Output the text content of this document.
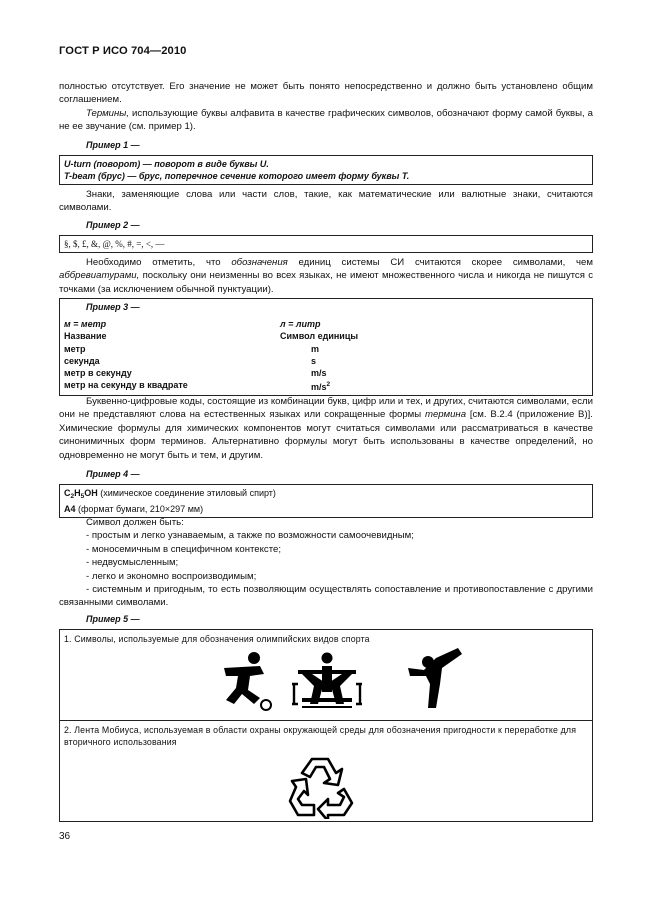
ГОСТ Р ИСО 704—2010

полностью отсутствует. Его значение не может быть понято непосредственно и должно быть установлено общим соглашением.

Термины, использующие буквы алфавита в качестве графических символов, обозначают форму самой буквы, а не ее звучание (см. пример 1).

Пример 1 —
U-turn (поворот) — поворот в виде буквы U.
T-beam (брус) — брус, поперечное сечение которого имеет форму буквы T.

Знаки, заменяющие слова или части слов, такие, как математические или валютные знаки, считаются символами.

Пример 2 —
§, $, £, &, @, %, #, =, <, —

Необходимо отметить, что обозначения единиц системы СИ считаются скорее символами, чем аббревиатурами, поскольку они неизменны во всех языках, не имеют множественного числа и никогда не пишутся с точками (за исключением обычной пунктуации).

Пример 3 —
м = метр	л = литр
Название	Символ единицы
метр	m
секунда	s
метр в секунду	m/s
метр на секунду в квадрате	$m/s^2$

Буквенно-цифровые коды, состоящие из комбинации букв, цифр или и тех, и других, считаются символами, если они не представляют слова на естественных языках или сокращенные формы термина [см. В.2.4 (приложение В)]. Химические формулы для химических компонентов могут считаться символами или рассматриваться в качестве синонимичных форм терминов. Альтернативно формулы могут быть использованы в качестве определений, но одновременно не могут быть и тем, и другим.

Пример 4 —
$C_2H_5OH$ (химическое соединение этиловый спирт)
A4 (формат бумаги, 210×297 мм)

Символ должен быть:

- простым и легко узнаваемым, а также по возможности самоочевидным;

- моносемичным в специфичном контексте;

- недвусмысленным;

- легко и экономно воспроизводимым;

- системным и пригодным, то есть позволяющим осуществлять сопоставление и противопоставление с другими связанными символами.

Пример 5 —
1. Символы, используемые для обозначения олимпийских видов спорта
2. Лента Мобиуса, используемая в области охраны окружающей среды для обозначения пригодности к переработке для вторичного использования
36
